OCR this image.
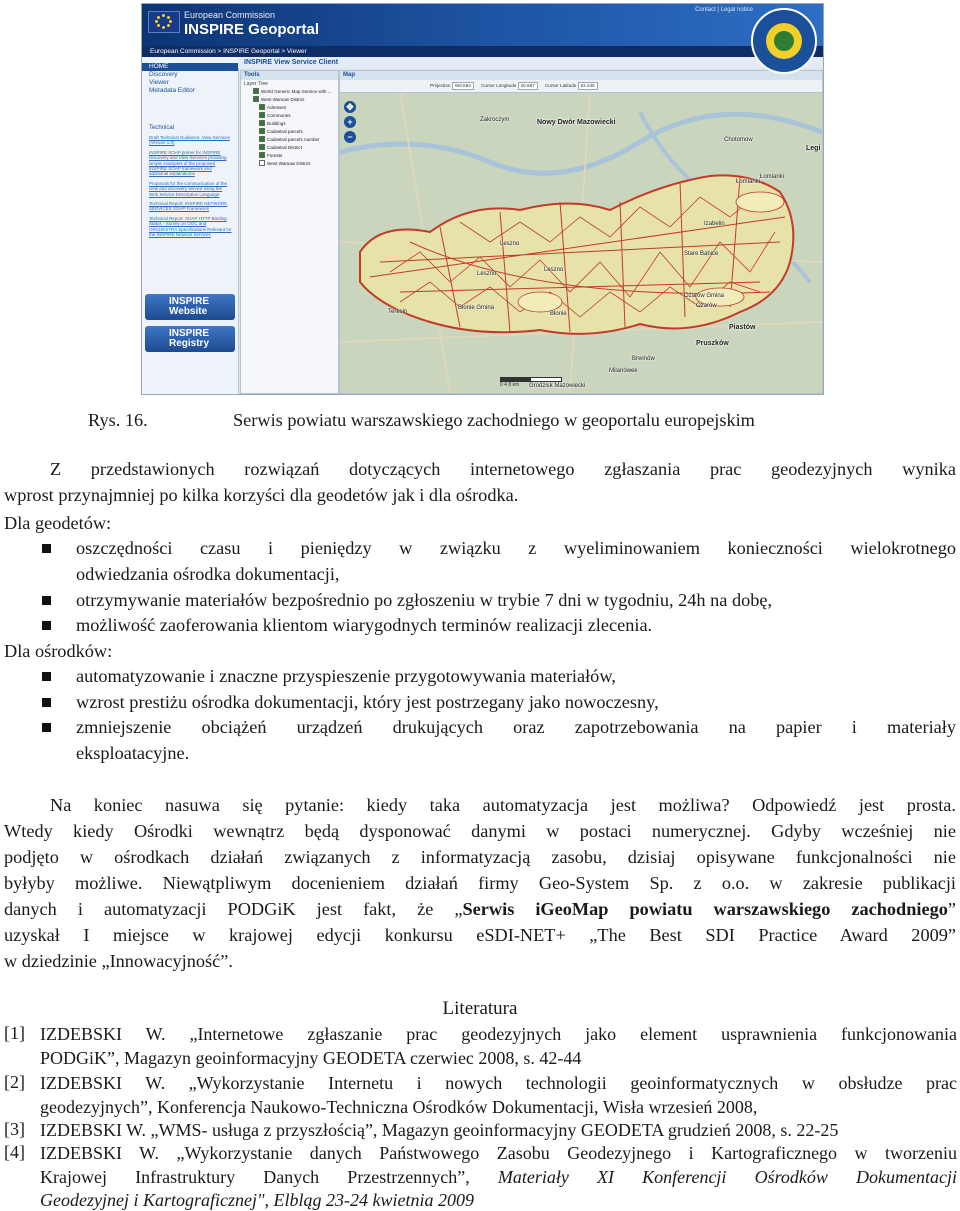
European Commission
INSPIRE Geoportal
Contact | Legal notice
European Commission > INSPIRE Geoportal > Viewer
HOME
Discovery
Viewer
Metadata Editor
Technical
Draft Technical Guidance: View Services (Version 1.0)
INSPIRE SOAP primer for INSPIRE Discovery and View Services providing simple examples of the proposed INSPIRE SOAP framework and additional explanations
Proposals for the communication of the view and discovery service using the Web Service Description Language
Technical Report: INSPIRE NETWORK SERVICES SOAP Framework
Technical Report: SOAP HTTP Binding Status - Survey on OGC and ORCHESTRA Specifications Relevant for the INSPIRE Network Services
INSPIRE
Website
INSPIRE
Registry
INSPIRE View Service Client
Tools
Layer Tree
World Generic Map Service with ...
West Warsaw District
Adresses
Communes
Buildings
Cadastral parcels
Cadastral parcels number
Cadastral District
Forests
West Warsaw District
Map
Projection WGS84 Cursor Longitude 20.687 Cursor Latitude 52.248
✥
+
−
Zakroczym	Nowy Dwór Mazowiecki
Chotomow
Legi
Łomianki
Łomianki
Izabelin
Leszno
Leszno
Leszno
Stare Babice
Teresin
Błonie Gmina
Błonie
Ożarów Gmina
Ożarów
Piastów
Pruszków
Brwinów
Milanówek
Grodzisk Mazowiecki
0 4 8 km
Rys. 16.	Serwis powiatu warszawskiego zachodniego w geoportalu europejskim
Z przedstawionych rozwiązań dotyczących internetowego zgłaszania prac geodezyjnych wynika
wprost przynajmniej po kilka korzyści dla geodetów jak i dla ośrodka.
Dla geodetów:
oszczędności czasu i pieniędzy w związku z wyeliminowaniem konieczności wielokrotnego
odwiedzania ośrodka dokumentacji,
otrzymywanie materiałów bezpośrednio po zgłoszeniu w trybie 7 dni w tygodniu, 24h na dobę,
możliwość zaoferowania klientom wiarygodnych terminów realizacji zlecenia.
Dla ośrodków:
automatyzowanie i znaczne przyspieszenie przygotowywania materiałów,
wzrost prestiżu ośrodka dokumentacji, który jest postrzegany jako nowoczesny,
zmniejszenie obciążeń urządzeń drukujących oraz zapotrzebowania na papier i materiały
eksploatacyjne.
Na koniec nasuwa się pytanie: kiedy taka automatyzacja jest możliwa? Odpowiedź jest prosta.
Wtedy kiedy Ośrodki wewnątrz będą dysponować danymi w postaci numerycznej. Gdyby wcześniej nie
podjęto w ośrodkach działań związanych z informatyzacją zasobu, dzisiaj opisywane funkcjonalności nie
byłyby możliwe. Niewątpliwym docenieniem działań firmy Geo-System Sp. z o.o. w zakresie publikacji
danych i automatyzacji PODGiK jest fakt, że „Serwis iGeoMap powiatu warszawskiego zachodniego”
uzyskał I miejsce w krajowej edycji konkursu eSDI-NET+ „The Best SDI Practice Award 2009”
w dziedzinie „Innowacyjność”.
Literatura
[1] IZDEBSKI W. „Internetowe zgłaszanie prac geodezyjnych jako element usprawnienia funkcjonowania
PODGiK”, Magazyn geoinformacyjny GEODETA czerwiec 2008, s. 42-44
[2] IZDEBSKI W. „Wykorzystanie Internetu i nowych technologii geoinformatycznych w obsłudze prac
geodezyjnych”, Konferencja Naukowo-Techniczna Ośrodków Dokumentacji, Wisła wrzesień 2008,
[3] IZDEBSKI W. „WMS- usługa z przyszłością”, Magazyn geoinformacyjny GEODETA grudzień 2008, s. 22-25
[4] IZDEBSKI W. „Wykorzystanie danych Państwowego Zasobu Geodezyjnego i Kartograficznego w tworzeniu
Krajowej Infrastruktury Danych Przestrzennych”, Materiały XI Konferencji Ośrodków Dokumentacji
Geodezyjnej i Kartograficznej", Elbląg 23-24 kwietnia 2009
